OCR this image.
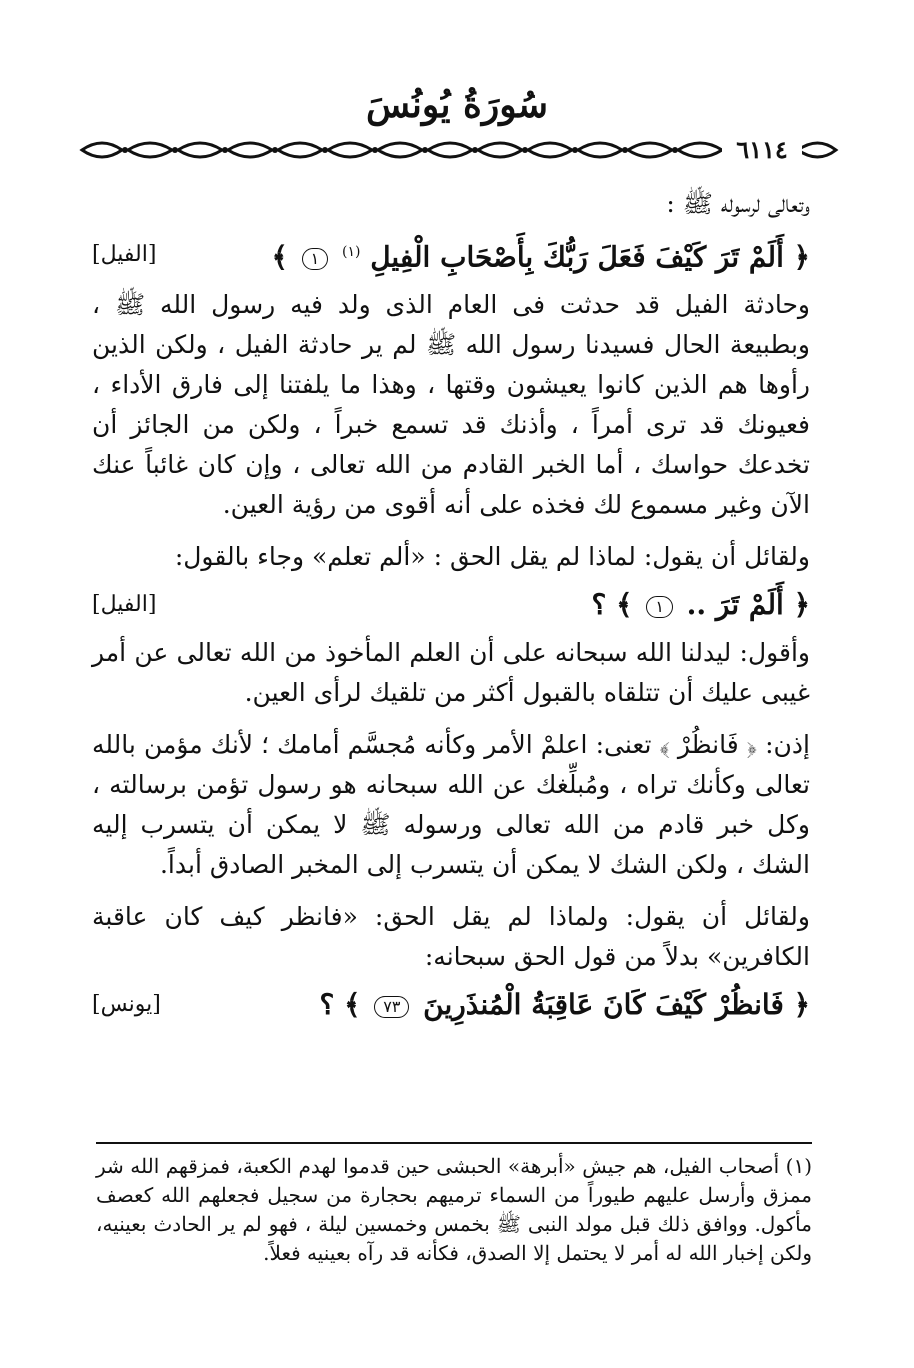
سُورَةُ يُونُسَ
٦١١٤

وتعالى لرسوله ﷺ :

﴿ أَلَمْ تَرَ كَيْفَ فَعَلَ رَبُّكَ بِأَصْحَابِ الْفِيلِ $^{(١)}$ ١ ﴾
[الفيل]

وحادثة الفيل قد حدثت فى العام الذى ولد فيه رسول الله ﷺ ، وبطبيعة الحال فسيدنا رسول الله ﷺ لم ير حادثة الفيل ، ولكن الذين رأوها هم الذين كانوا يعيشون وقتها ، وهذا ما يلفتنا إلى فارق الأداء ، فعيونك قد ترى أمراً ، وأذنك قد تسمع خبراً ، ولكن من الجائز أن تخدعك حواسك ، أما الخبر القادم من الله تعالى ، وإن كان غائباً عنك الآن وغير مسموع لك فخذه على أنه أقوى من رؤية العين.

ولقائل أن يقول: لماذا لم يقل الحق : «ألم تعلم» وجاء بالقول:

﴿ أَلَمْ تَرَ .. ١ ﴾ ؟
[الفيل]

وأقول: ليدلنا الله سبحانه على أن العلم المأخوذ من الله تعالى عن أمر غيبى عليك أن تتلقاه بالقبول أكثر من تلقيك لرأى العين.

إذن: ﴿ فَانظُرْ ﴾ تعنى: اعلمْ الأمر وكأنه مُجسَّم أمامك ؛ لأنك مؤمن بالله تعالى وكأنك تراه ، ومُبلِّغك عن الله سبحانه هو رسول تؤمن برسالته ، وكل خبر قادم من الله تعالى ورسوله ﷺ لا يمكن أن يتسرب إليه الشك ، ولكن الشك لا يمكن أن يتسرب إلى المخبر الصادق أبداً.

ولقائل أن يقول: ولماذا لم يقل الحق: «فانظر كيف كان عاقبة الكافرين» بدلاً من قول الحق سبحانه:

﴿ فَانظُرْ كَيْفَ كَانَ عَاقِبَةُ الْمُنذَرِينَ ٧٣ ﴾ ؟
[يونس]
(١) أصحاب الفيل، هم جيش «أبرهة» الحبشى حين قدموا لهدم الكعبة، فمزقهم الله شر ممزق وأرسل عليهم طيوراً من السماء ترميهم بحجارة من سجيل فجعلهم الله كعصف مأكول. ووافق ذلك قبل مولد النبى ﷺ بخمس وخمسين ليلة ، فهو لم ير الحادث بعينيه، ولكن إخبار الله له أمر لا يحتمل إلا الصدق، فكأنه قد رآه بعينيه فعلاً.
